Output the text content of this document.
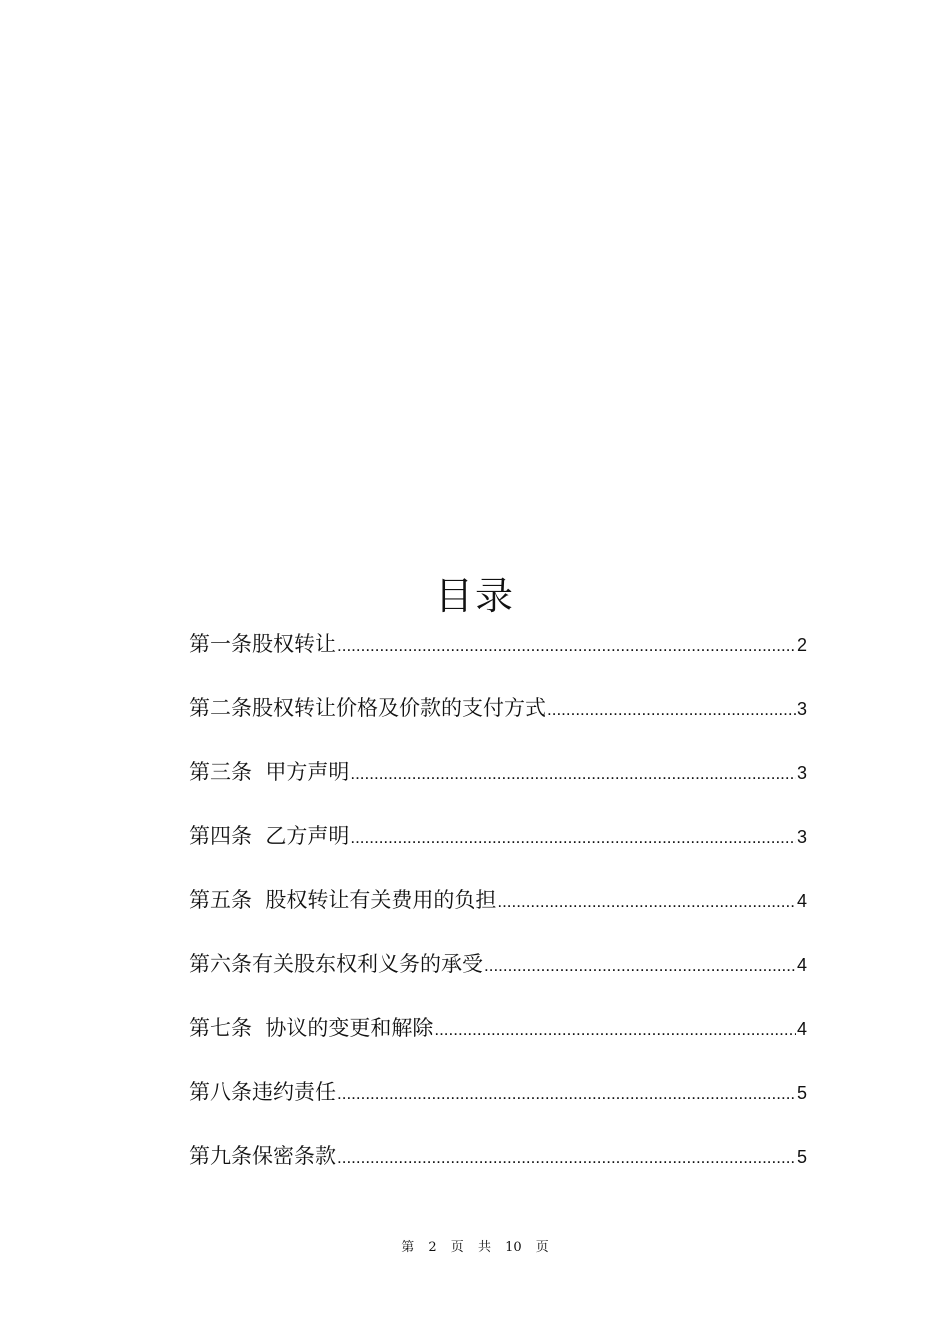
目录
第一条股权转让 .....	2
第二条股权转让价格及价款的支付方式 .....	3
第三条  甲方声明 .....	3
第四条  乙方声明 .....	3
第五条  股权转让有关费用的负担 .....	4
第六条有关股东权利义务的承受 .....	4
第七条  协议的变更和解除 .....	4
第八条违约责任 .....	5
第九条保密条款 .....	5
第 2 页 共 10 页
